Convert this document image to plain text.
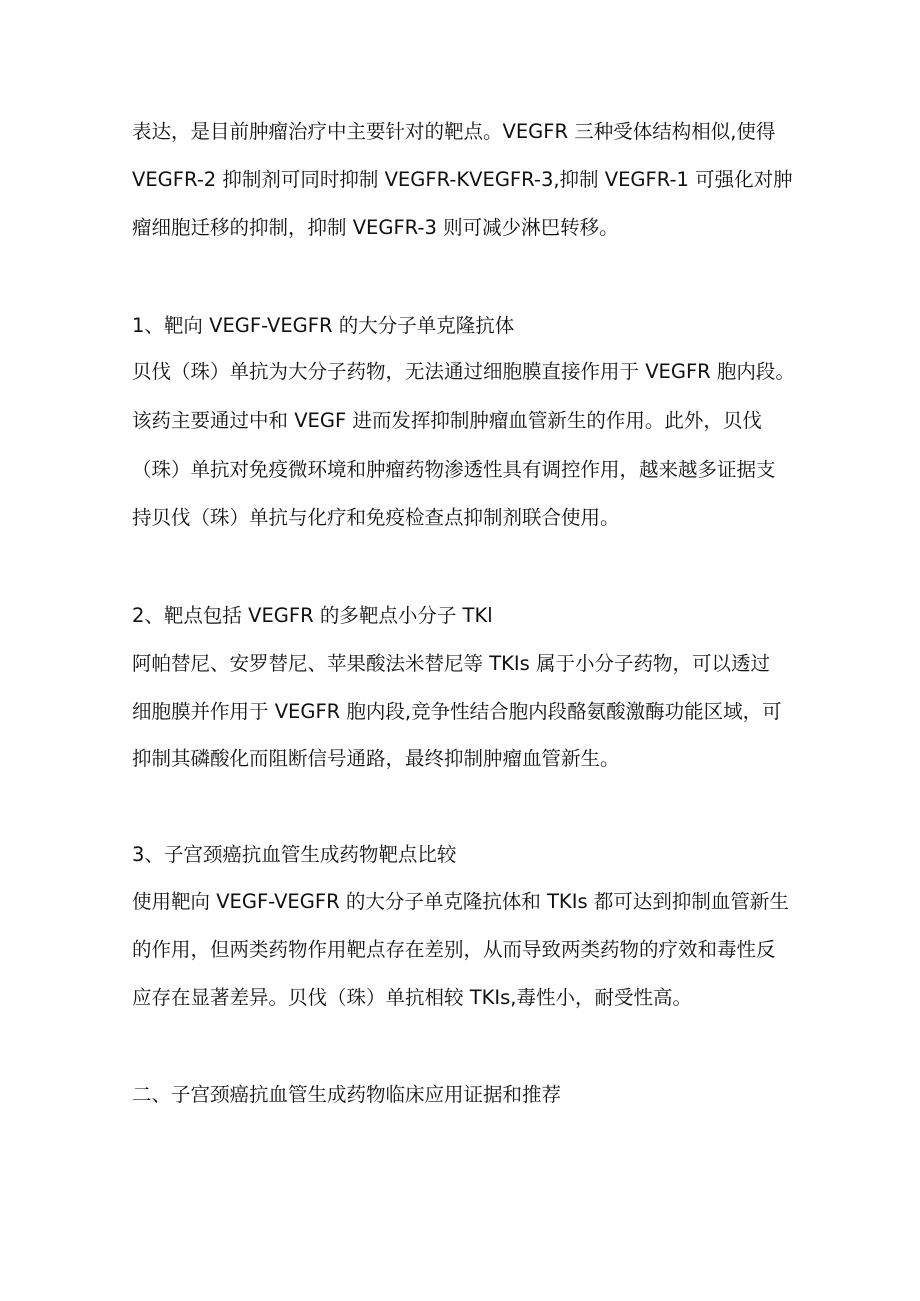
表达，是目前肿瘤治疗中主要针对的靶点。VEGFR 三种受体结构相似,使得
VEGFR-2 抑制剂可同时抑制 VEGFR-KVEGFR-3,抑制 VEGFR-1 可强化对肿
瘤细胞迁移的抑制，抑制 VEGFR-3 则可减少淋巴转移。
1、靶向 VEGF-VEGFR 的大分子单克隆抗体
贝伐（珠）单抗为大分子药物，无法通过细胞膜直接作用于 VEGFR 胞内段。
该药主要通过中和 VEGF 进而发挥抑制肿瘤血管新生的作用。此外，贝伐
（珠）单抗对免疫微环境和肿瘤药物渗透性具有调控作用，越来越多证据支
持贝伐（珠）单抗与化疗和免疫检查点抑制剂联合使用。
2、靶点包括 VEGFR 的多靶点小分子 TKl
阿帕替尼、安罗替尼、苹果酸法米替尼等 TKIs 属于小分子药物，可以透过
细胞膜并作用于 VEGFR 胞内段,竞争性结合胞内段酪氨酸激酶功能区域，可
抑制其磷酸化而阻断信号通路，最终抑制肿瘤血管新生。
3、子宫颈癌抗血管生成药物靶点比较
使用靶向 VEGF-VEGFR 的大分子单克隆抗体和 TKIs 都可达到抑制血管新生
的作用，但两类药物作用靶点存在差别，从而导致两类药物的疗效和毒性反
应存在显著差异。贝伐（珠）单抗相较 TKIs,毒性小，耐受性高。
二、子宫颈癌抗血管生成药物临床应用证据和推荐
